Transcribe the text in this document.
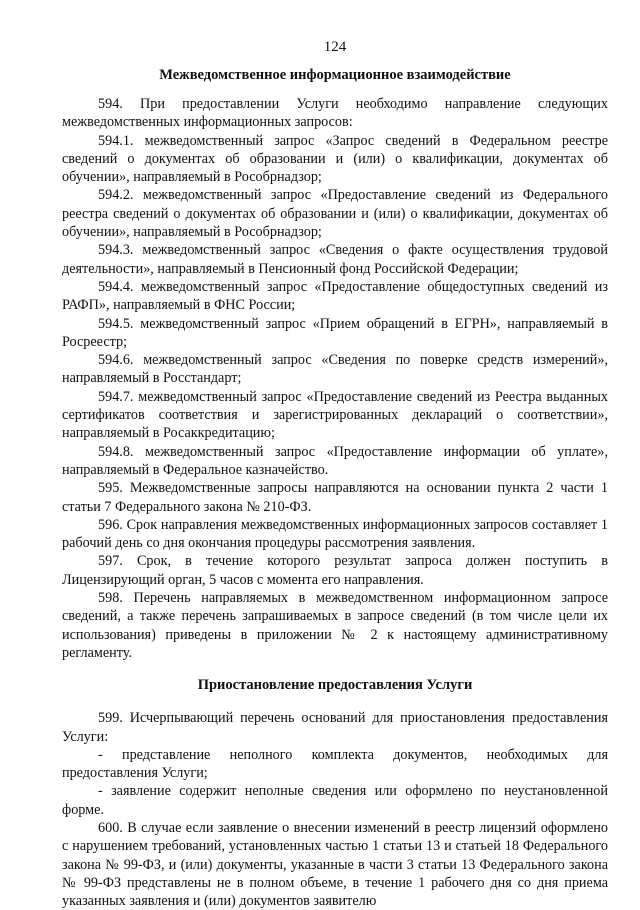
124
Межведомственное информационное взаимодействие

594. При предоставлении Услуги необходимо направление следующих межведомственных информационных запросов:

594.1. межведомственный запрос «Запрос сведений в Федеральном реестре сведений о документах об образовании и (или) о квалификации, документах об обучении», направляемый в Рособрнадзор;

594.2. межведомственный запрос «Предоставление сведений из Федерального реестра сведений о документах об образовании и (или) о квалификации, документах об обучении», направляемый в Рособрнадзор;

594.3. межведомственный запрос «Сведения о факте осуществления трудовой деятельности», направляемый в Пенсионный фонд Российской Федерации;

594.4. межведомственный запрос «Предоставление общедоступных сведений из РАФП», направляемый в ФНС России;

594.5. межведомственный запрос «Прием обращений в ЕГРН», направляемый в Росреестр;

594.6. межведомственный запрос «Сведения по поверке средств измерений», направляемый в Росстандарт;

594.7. межведомственный запрос «Предоставление сведений из Реестра выданных сертификатов соответствия и зарегистрированных деклараций о соответствии», направляемый в Росаккредитацию;

594.8. межведомственный запрос «Предоставление информации об уплате», направляемый в Федеральное казначейство.

595. Межведомственные запросы направляются на основании пункта 2 части 1 статьи 7 Федерального закона № 210-ФЗ.

596. Срок направления межведомственных информационных запросов составляет 1 рабочий день со дня окончания процедуры рассмотрения заявления.

597. Срок, в течение которого результат запроса должен поступить в Лицензирующий орган, 5 часов с момента его направления.

598. Перечень направляемых в межведомственном информационном запросе сведений, а также перечень запрашиваемых в запросе сведений (в том числе цели их использования) приведены в приложении № 2 к настоящему административному регламенту.

Приостановление предоставления Услуги

599. Исчерпывающий перечень оснований для приостановления предоставления Услуги:

- представление неполного комплекта документов, необходимых для предоставления Услуги;

- заявление содержит неполные сведения или оформлено по неустановленной форме.

600. В случае если заявление о внесении изменений в реестр лицензий оформлено с нарушением требований, установленных частью 1 статьи 13 и статьей 18 Федерального закона № 99-ФЗ, и (или) документы, указанные в части 3 статьи 13 Федерального закона № 99-ФЗ представлены не в полном объеме, в течение 1 рабочего дня со дня приема указанных заявления и (или) документов заявителю
